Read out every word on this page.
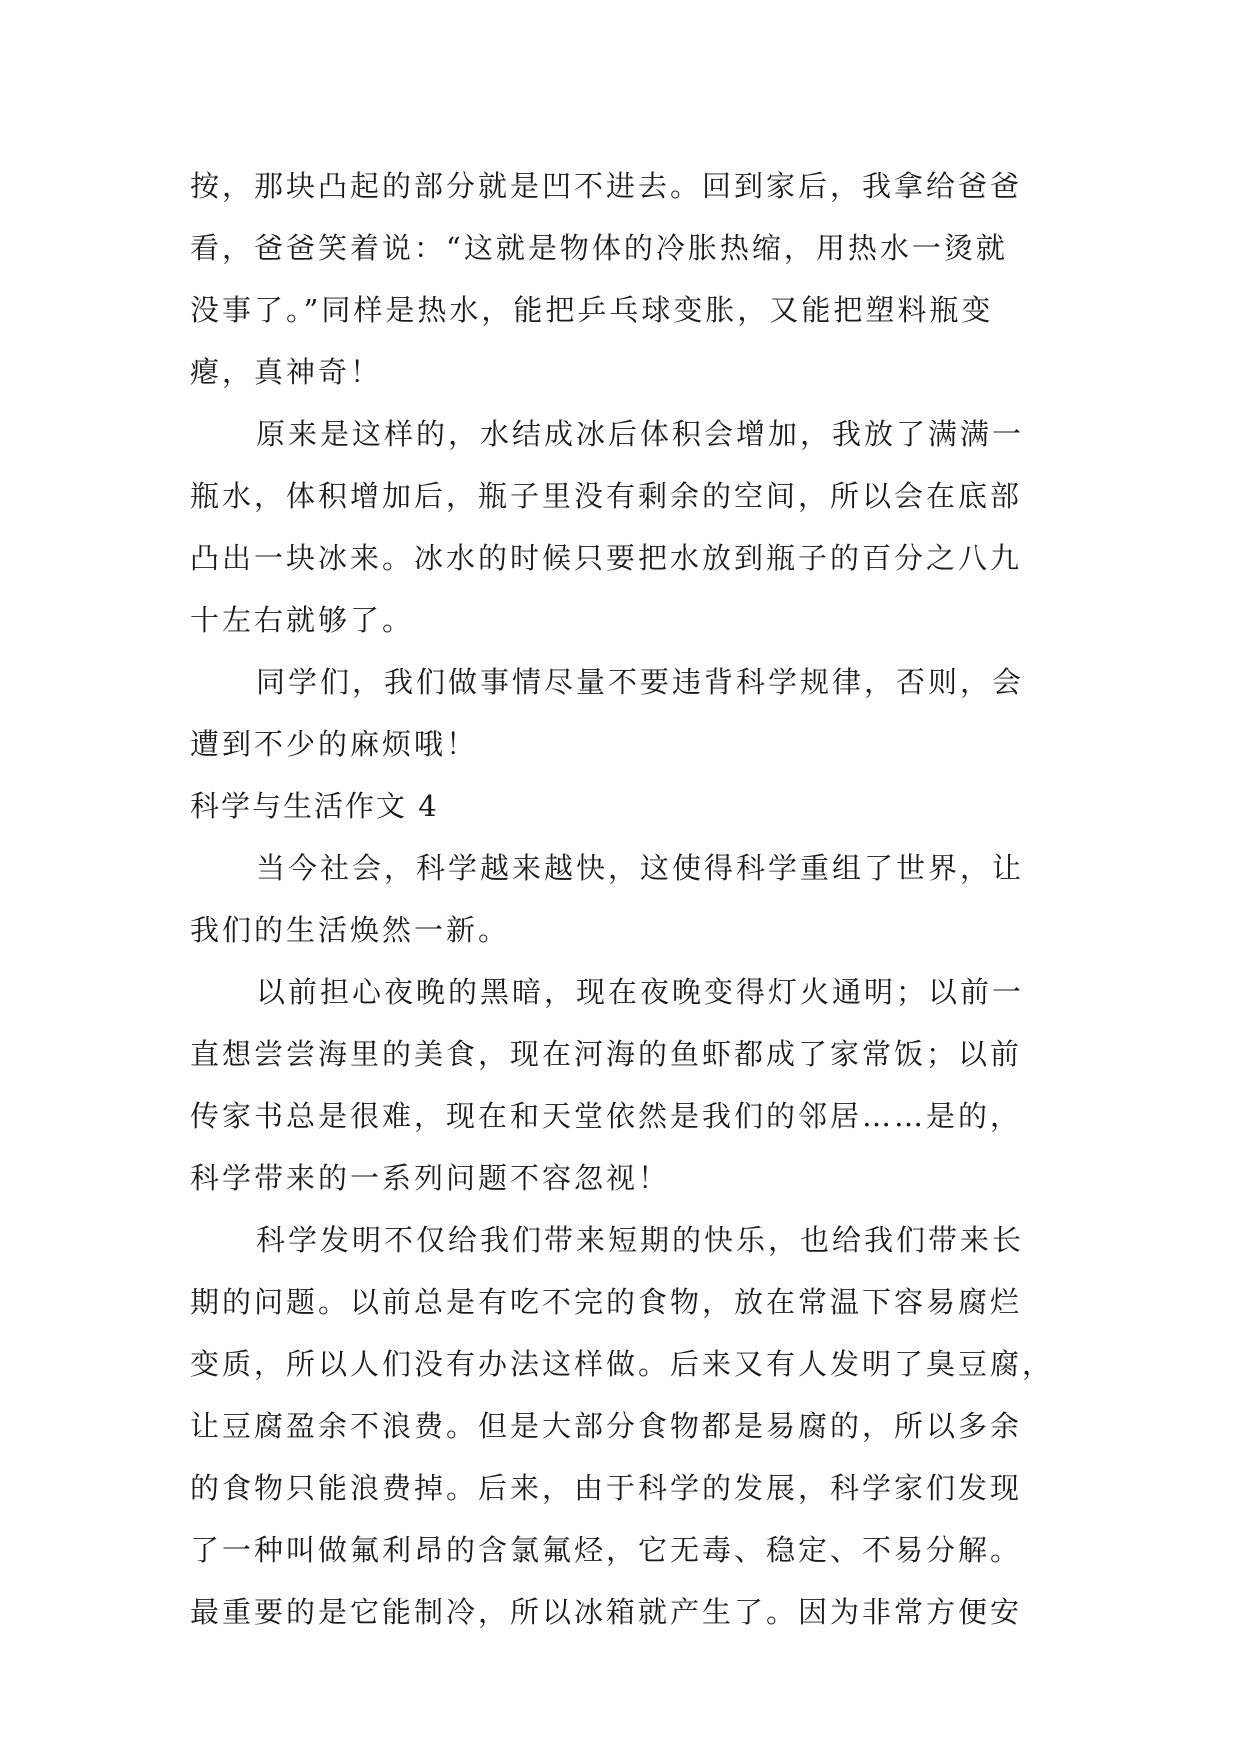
按，那块凸起的部分就是凹不进去。回到家后，我拿给爸爸
看，爸爸笑着说：“这就是物体的冷胀热缩，用热水一烫就
没事了。”同样是热水，能把乒乓球变胀，又能把塑料瓶变
瘪，真神奇！
原来是这样的，水结成冰后体积会增加，我放了满满一
瓶水，体积增加后，瓶子里没有剩余的空间，所以会在底部
凸出一块冰来。冰水的时候只要把水放到瓶子的百分之八九
十左右就够了。
同学们，我们做事情尽量不要违背科学规律，否则，会
遭到不少的麻烦哦！
科学与生活作文 4
当今社会，科学越来越快，这使得科学重组了世界，让
我们的生活焕然一新。
以前担心夜晚的黑暗，现在夜晚变得灯火通明；以前一
直想尝尝海里的美食，现在河海的鱼虾都成了家常饭；以前
传家书总是很难，现在和天堂依然是我们的邻居……是的，
科学带来的一系列问题不容忽视！
科学发明不仅给我们带来短期的快乐，也给我们带来长
期的问题。以前总是有吃不完的食物，放在常温下容易腐烂
变质，所以人们没有办法这样做。后来又有人发明了臭豆腐，
让豆腐盈余不浪费。但是大部分食物都是易腐的，所以多余
的食物只能浪费掉。后来，由于科学的发展，科学家们发现
了一种叫做氟利昂的含氯氟烃，它无毒、稳定、不易分解。
最重要的是它能制冷，所以冰箱就产生了。因为非常方便安
